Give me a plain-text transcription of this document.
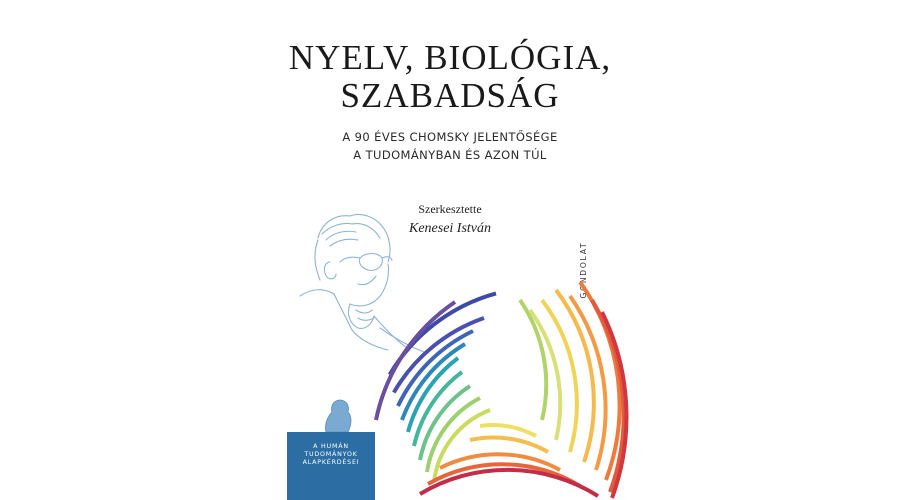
NYELV, BIOLÓGIA,
SZABADSÁG
A 90 ÉVES CHOMSKY JELENTŐSÉGE
A TUDOMÁNYBAN ÉS AZON TÚL
Szerkesztette
Kenesei István
GONDOLAT
A HUMÁN
TUDOMÁNYOK
ALAPKÉRDÉSEI
